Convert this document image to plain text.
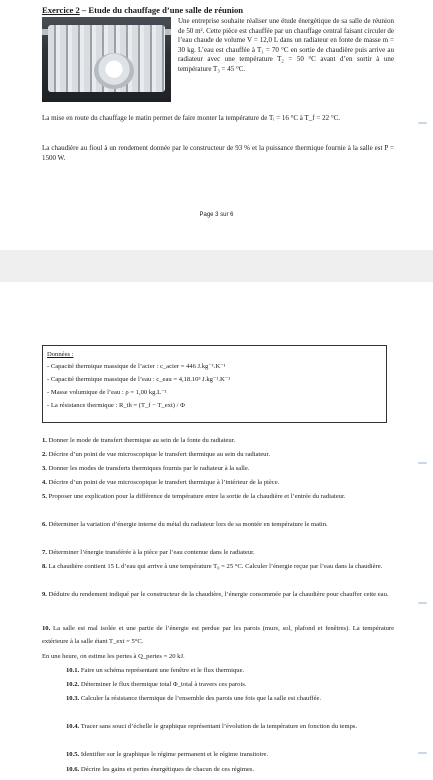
Exercice 2 – Etude du chauffage d’une salle de réunion
Une entreprise souhaite réaliser une étude énergétique de sa salle de réunion de 50 m². Cette pièce est chauffée par un chauffage central faisant circuler de l’eau chaude de volume V = 12,0 L dans un radiateur en fonte de masse m = 30 kg. L’eau est chauffée à T₁ = 70 °C en sortie de chaudière puis arrive au radiateur avec une température T₂ = 50 °C avant d’en sortir à une température T₃ = 45 °C.
La mise en route du chauffage le matin permet de faire monter la température de Tᵢ = 16 °C à T_f = 22 °C.
La chaudière au fioul à un rendement donnée par le constructeur de 93 % et la puissance thermique fournie à la salle est P = 1500 W.
Page 3 sur 6
Données :
- Capacité thermique massique de l’acier : c_acier = 446 J.kg⁻¹.K⁻¹
- Capacité thermique massique de l’eau : c_eau = 4,18.10³ J.kg⁻¹.K⁻¹
- Masse volumique de l’eau : ρ = 1,00 kg.L⁻¹
- La résistance thermique : R_th = (T_f − T_ext) / Φ
1. Donner le mode de transfert thermique au sein de la fonte du radiateur.
2. Décrire d’un point de vue microscopique le transfert thermique au sein du radiateur.
3. Donner les modes de transferts thermiques fournis par le radiateur à la salle.
4. Décrire d’un point de vue microscopique le transfert thermique à l’intérieur de la pièce.
5. Proposer une explication pour la différence de température entre la sortie de la chaudière et l’entrée du radiateur.
6. Déterminer la variation d’énergie interne du métal du radiateur lors de sa montée en température le matin.
7. Déterminer l’énergie transférée à la pièce par l’eau contenue dans le radiateur.
8. La chaudière contient 15 L d’eau qui arrive à une température T₀ = 25 °C. Calculer l’énergie reçue par l’eau dans la chaudière.
9. Déduire du rendement indiqué par le constructeur de la chaudière, l’énergie consommée par la chaudière pour chauffer cette eau.
10. La salle est mal isolée et une partie de l’énergie est perdue par les parois (murs, sol, plafond et fenêtres). La température extérieure à la salle étant T_ext = 5°C.
En une heure, on estime les pertes à Q_pertes = 20 kJ.
10.1. Faire un schéma représentant une fenêtre et le flux thermique.
10.2. Déterminer le flux thermique total Φ_total à travers ces parois.
10.3. Calculer la résistance thermique de l’ensemble des parois une fois que la salle est chauffée.
10.4. Tracer sans souci d’échelle le graphique représentant l’évolution de la température en fonction du temps.
10.5. Identifier sur le graphique le régime permanent et le régime transitoire.
10.6. Décrire les gains et pertes énergétiques de chacun de ces régimes.
